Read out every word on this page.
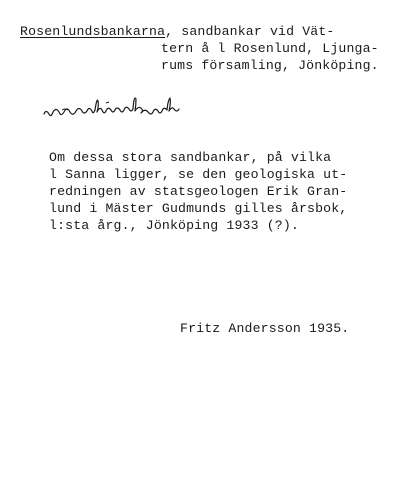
Rosenlundsbankarna, sandbankar vid Vät-
tern å l Rosenlund, Ljunga-
rums församling, Jönköping.
Om dessa stora sandbankar, på vilka
l Sanna ligger, se den geologiska ut-
redningen av statsgeologen Erik Gran-
lund i Mäster Gudmunds gilles årsbok,
l:sta årg., Jönköping 1933 (?).
Fritz Andersson 1935.
